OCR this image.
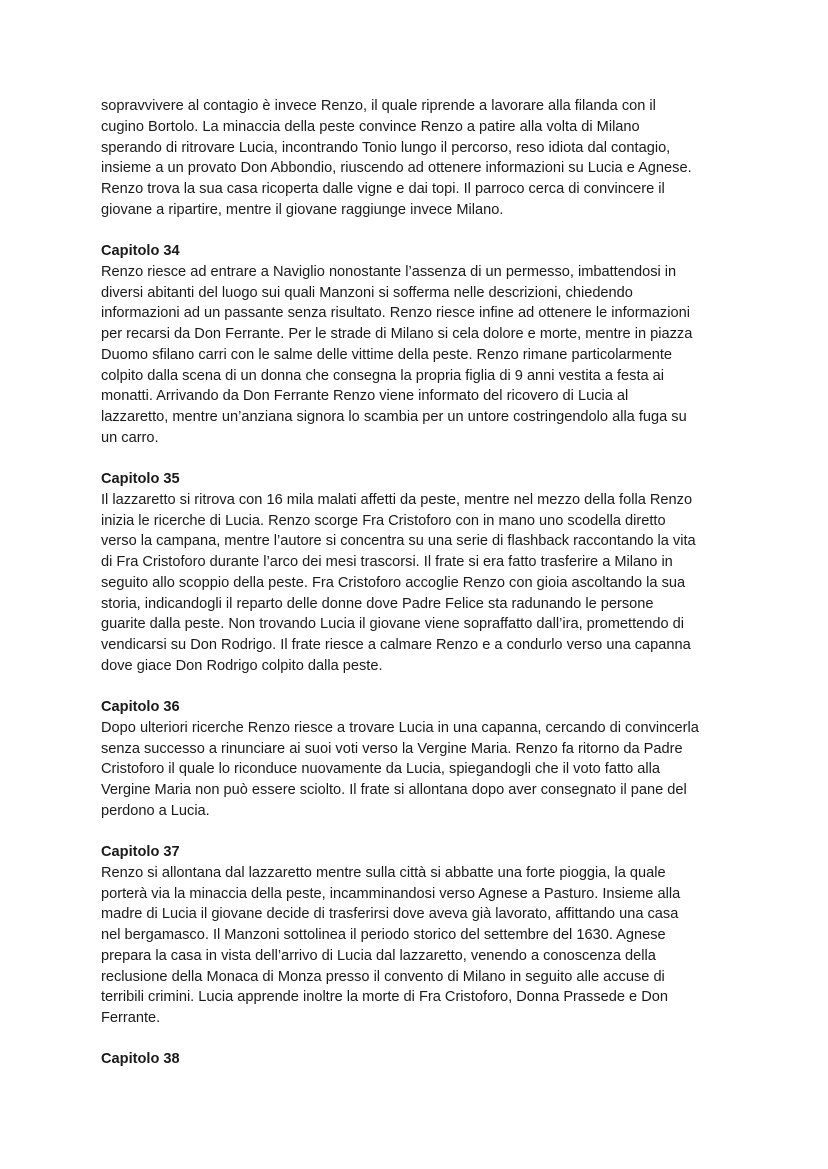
sopravvivere al contagio è invece Renzo, il quale riprende a lavorare alla filanda con il
cugino Bortolo. La minaccia della peste convince Renzo a patire alla volta di Milano
sperando di ritrovare Lucia, incontrando Tonio lungo il percorso, reso idiota dal contagio,
insieme a un provato Don Abbondio, riuscendo ad ottenere informazioni su Lucia e Agnese.
Renzo trova la sua casa ricoperta dalle vigne e dai topi. Il parroco cerca di convincere il
giovane a ripartire, mentre il giovane raggiunge invece Milano.

Capitolo 34

Renzo riesce ad entrare a Naviglio nonostante l’assenza di un permesso, imbattendosi in
diversi abitanti del luogo sui quali Manzoni si sofferma nelle descrizioni, chiedendo
informazioni ad un passante senza risultato. Renzo riesce infine ad ottenere le informazioni
per recarsi da Don Ferrante. Per le strade di Milano si cela dolore e morte, mentre in piazza
Duomo sfilano carri con le salme delle vittime della peste. Renzo rimane particolarmente
colpito dalla scena di un donna che consegna la propria figlia di 9 anni vestita a festa ai
monatti. Arrivando da Don Ferrante Renzo viene informato del ricovero di Lucia al
lazzaretto, mentre un’anziana signora lo scambia per un untore costringendolo alla fuga su
un carro.

Capitolo 35

Il lazzaretto si ritrova con 16 mila malati affetti da peste, mentre nel mezzo della folla Renzo
inizia le ricerche di Lucia. Renzo scorge Fra Cristoforo con in mano uno scodella diretto
verso la campana, mentre l’autore si concentra su una serie di flashback raccontando la vita
di Fra Cristoforo durante l’arco dei mesi trascorsi. Il frate si era fatto trasferire a Milano in
seguito allo scoppio della peste. Fra Cristoforo accoglie Renzo con gioia ascoltando la sua
storia, indicandogli il reparto delle donne dove Padre Felice sta radunando le persone
guarite dalla peste. Non trovando Lucia il giovane viene sopraffatto dall’ira, promettendo di
vendicarsi su Don Rodrigo. Il frate riesce a calmare Renzo e a condurlo verso una capanna
dove giace Don Rodrigo colpito dalla peste.

Capitolo 36

Dopo ulteriori ricerche Renzo riesce a trovare Lucia in una capanna, cercando di convincerla
senza successo a rinunciare ai suoi voti verso la Vergine Maria. Renzo fa ritorno da Padre
Cristoforo il quale lo riconduce nuovamente da Lucia, spiegandogli che il voto fatto alla
Vergine Maria non può essere sciolto. Il frate si allontana dopo aver consegnato il pane del
perdono a Lucia.

Capitolo 37

Renzo si allontana dal lazzaretto mentre sulla città si abbatte una forte pioggia, la quale
porterà via la minaccia della peste, incamminandosi verso Agnese a Pasturo. Insieme alla
madre di Lucia il giovane decide di trasferirsi dove aveva già lavorato, affittando una casa
nel bergamasco. Il Manzoni sottolinea il periodo storico del settembre del 1630. Agnese
prepara la casa in vista dell’arrivo di Lucia dal lazzaretto, venendo a conoscenza della
reclusione della Monaca di Monza presso il convento di Milano in seguito alle accuse di
terribili crimini. Lucia apprende inoltre la morte di Fra Cristoforo, Donna Prassede e Don
Ferrante.

Capitolo 38
